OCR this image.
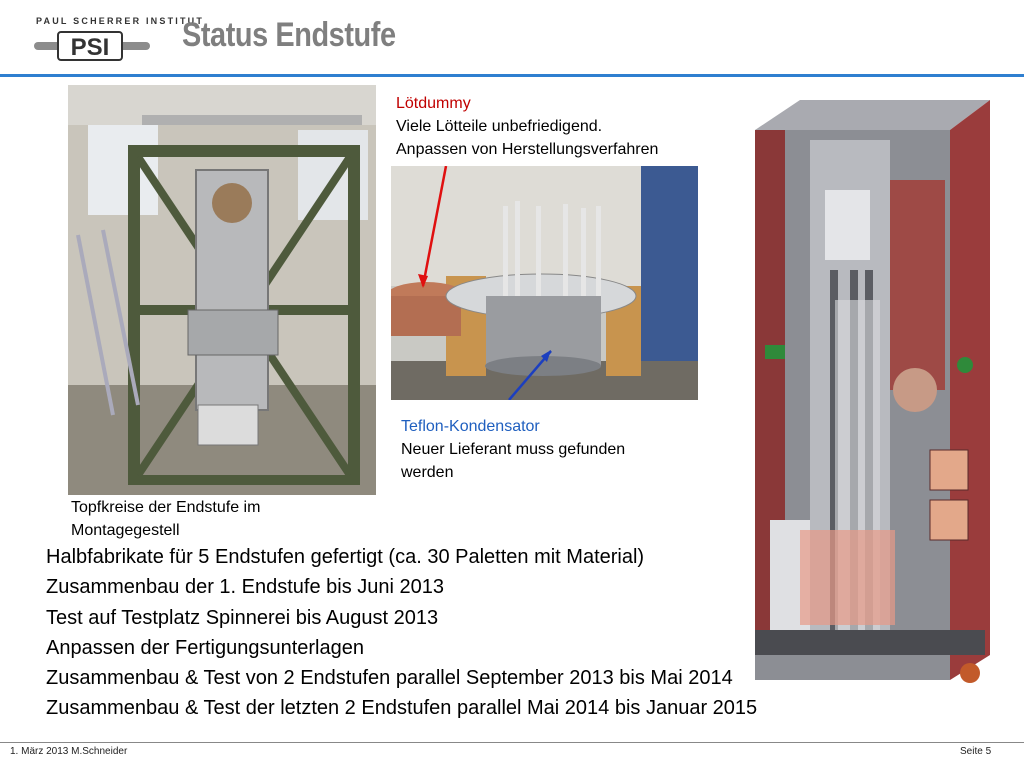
PAUL SCHERRER INSTITUT
PSI Status Endstufe
Topfkreise der Endstufe im
Montagegestell
Lötdummy
Viele Lötteile unbefriedigend.
Anpassen von Herstellungsverfahren
Teflon-Kondensator
Neuer Lieferant muss gefunden
werden
Halbfabrikate für 5 Endstufen gefertigt (ca. 30 Paletten mit Material)
Zusammenbau der 1. Endstufe bis Juni 2013
Test auf Testplatz Spinnerei bis August 2013
Anpassen der Fertigungsunterlagen
Zusammenbau & Test von 2 Endstufen parallel September 2013 bis Mai 2014
Zusammenbau & Test der letzten 2 Endstufen parallel Mai 2014 bis Januar 2015
1. März 2013 M.Schneider	Seite 5
